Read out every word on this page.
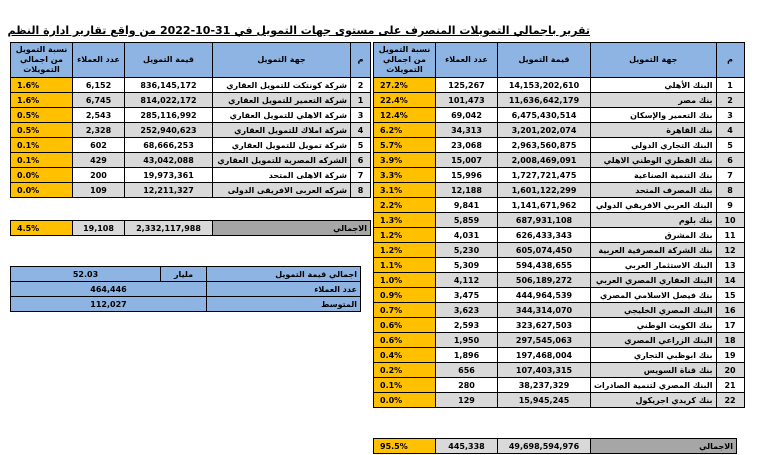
تقرير باجمالي التمويلات المنصرف على مستوى جهات التمويل في 31-10-2022 من واقع تقارير ادارة النظم
نسبة التمويل من اجمالي التمويلات	عدد العملاء	قيمة التمويل	جهة التمويل	م
27.2%	125,267	14,153,202,610	البنك الأهلي	1
22.4%	101,473	11,636,642,179	بنك مصر	2
12.4%	69,042	6,475,430,514	بنك التعمير والإسكان	3
6.2%	34,313	3,201,202,074	بنك القاهرة	4
5.7%	23,068	2,963,560,875	البنك التجاري الدولي	5
3.9%	15,007	2,008,469,091	بنك القطري الوطني الاهلي	6
3.3%	15,996	1,727,721,475	بنك التنمية الصناعية	7
3.1%	12,188	1,601,122,299	بنك المصرف المتحد	8
2.2%	9,841	1,141,671,962	البنك العربي الافريقي الدولي	9
1.3%	5,859	687,931,108	بنك بلوم	10
1.2%	4,031	626,433,343	بنك المشرق	11
1.2%	5,230	605,074,450	بنك الشركة المصرفية العربية	12
1.1%	5,309	594,438,655	البنك الاستثمار العربي	13
1.0%	4,112	506,189,272	البنك العقاري المصري العربي	14
0.9%	3,475	444,964,539	بنك فيصل الاسلامي المصري	15
0.7%	3,623	344,314,070	البنك المصري الخليجي	16
0.6%	2,593	323,627,503	بنك الكويت الوطني	17
0.6%	1,950	297,545,063	البنك الزراعي المصري	18
0.4%	1,896	197,468,004	بنك ابوظبي التجاري	19
0.2%	656	107,403,315	بنك قناة السويس	20
0.1%	280	38,237,329	البنك المصري لتنمية الصادرات	21
0.0%	129	15,945,245	بنك كريدي اجريكول	22
95.5%	445,338	49,698,594,976	الاجمالي
نسبة التمويل من اجمالي التمويلات	عدد العملاء	قيمة التمويل	جهة التمويل	م
1.6%	6,152	836,145,172	شركة كونتكت للتمويل العقاري	2
1.6%	6,745	814,022,172	شركة التعمير للتمويل العقاري	1
0.5%	2,543	285,116,992	شركة الاهلي للتمويل العقاري	3
0.5%	2,328	252,940,623	شركة املاك للتمويل العقاري	4
0.1%	602	68,666,253	شركة تمويل للتمويل العقاري	5
0.1%	429	43,042,088	الشركه المصرية للتمويل العقاري	6
0.0%	200	19,973,361	شركة الاهلى المتحد	7
0.0%	109	12,211,327	شركه العربى الافريقى الدولى	8
4.5%	19,108	2,332,117,988	الاجمالي
52.03	مليار	اجمالي قيمة التمويل
464,446		عدد العملاء
112,027		المتوسط
